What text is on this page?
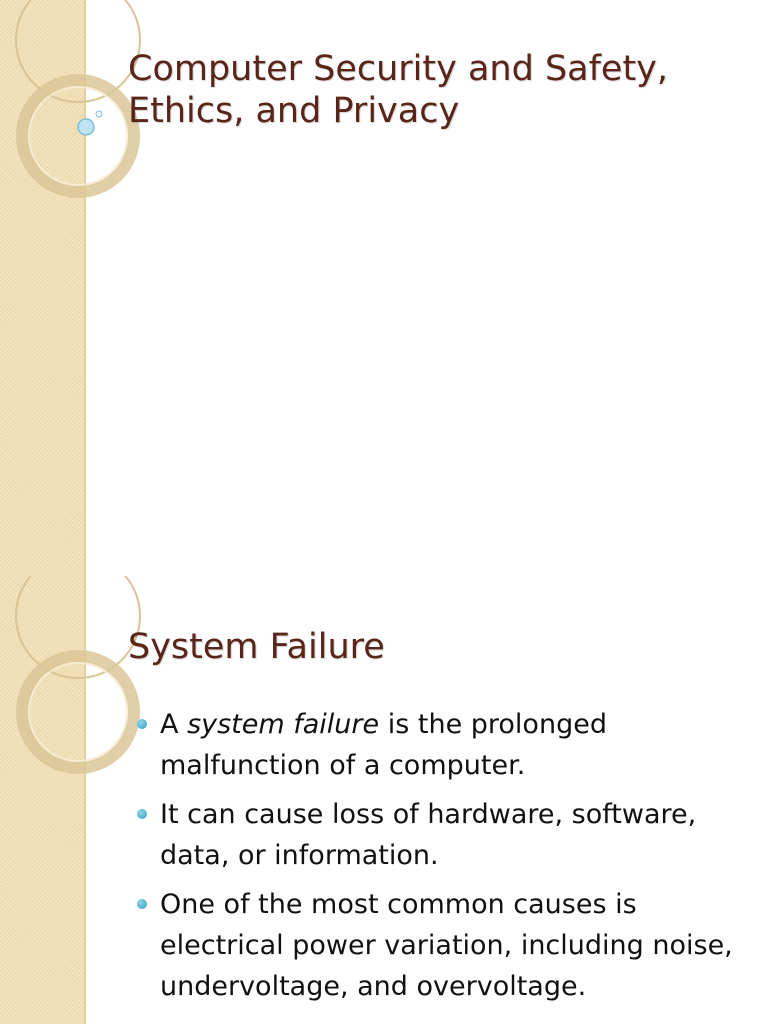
Computer Security and Safety, Ethics, and Privacy
System Failure
A system failure is the prolonged malfunction of a computer.
It can cause loss of hardware, software, data, or information.
One of the most common causes is electrical power variation, including noise, undervoltage, and overvoltage.
